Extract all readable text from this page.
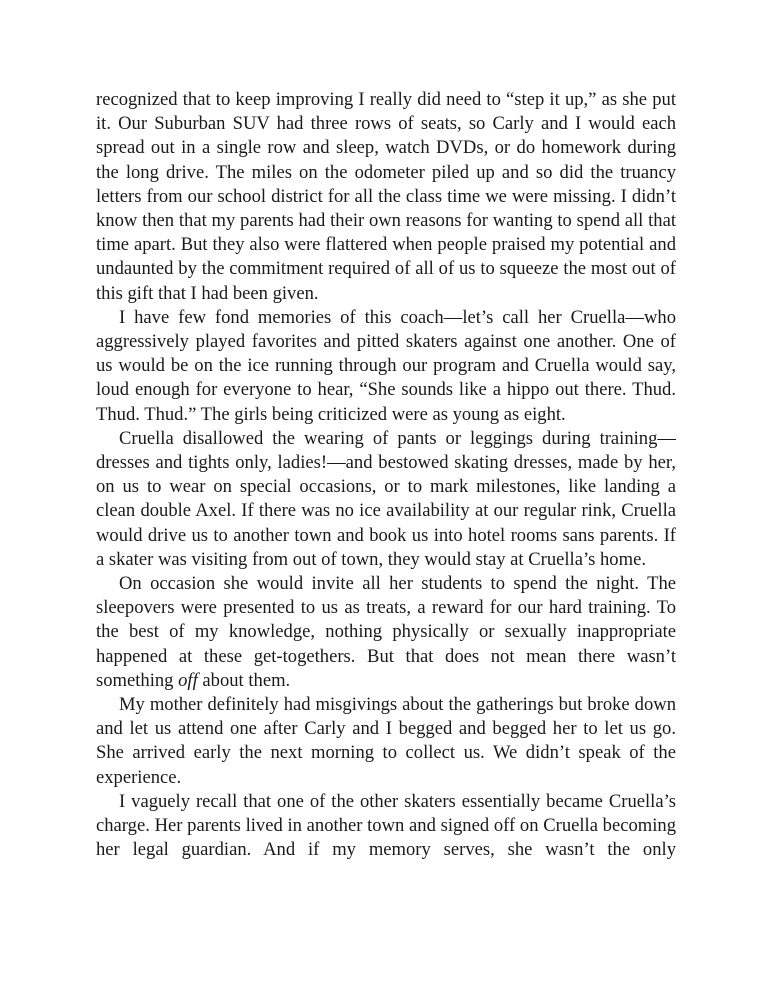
recognized that to keep improving I really did need to “step it up,” as she put it. Our Suburban SUV had three rows of seats, so Carly and I would each spread out in a single row and sleep, watch DVDs, or do homework during the long drive. The miles on the odometer piled up and so did the truancy letters from our school district for all the class time we were missing. I didn’t know then that my parents had their own reasons for wanting to spend all that time apart. But they also were flattered when people praised my potential and undaunted by the commitment required of all of us to squeeze the most out of this gift that I had been given.

I have few fond memories of this coach—let’s call her Cruella—who aggressively played favorites and pitted skaters against one another. One of us would be on the ice running through our program and Cruella would say, loud enough for everyone to hear, “She sounds like a hippo out there. Thud. Thud. Thud.” The girls being criticized were as young as eight.

Cruella disallowed the wearing of pants or leggings during training—dresses and tights only, ladies!—and bestowed skating dresses, made by her, on us to wear on special occasions, or to mark milestones, like landing a clean double Axel. If there was no ice availability at our regular rink, Cruella would drive us to another town and book us into hotel rooms sans parents. If a skater was visiting from out of town, they would stay at Cruella’s home.

On occasion she would invite all her students to spend the night. The sleepovers were presented to us as treats, a reward for our hard training. To the best of my knowledge, nothing physically or sexually inappropriate happened at these get-togethers. But that does not mean there wasn’t something off about them.

My mother definitely had misgivings about the gatherings but broke down and let us attend one after Carly and I begged and begged her to let us go. She arrived early the next morning to collect us. We didn’t speak of the experience.

I vaguely recall that one of the other skaters essentially became Cruella’s charge. Her parents lived in another town and signed off on Cruella becoming her legal guardian. And if my memory serves, she wasn’t the only
